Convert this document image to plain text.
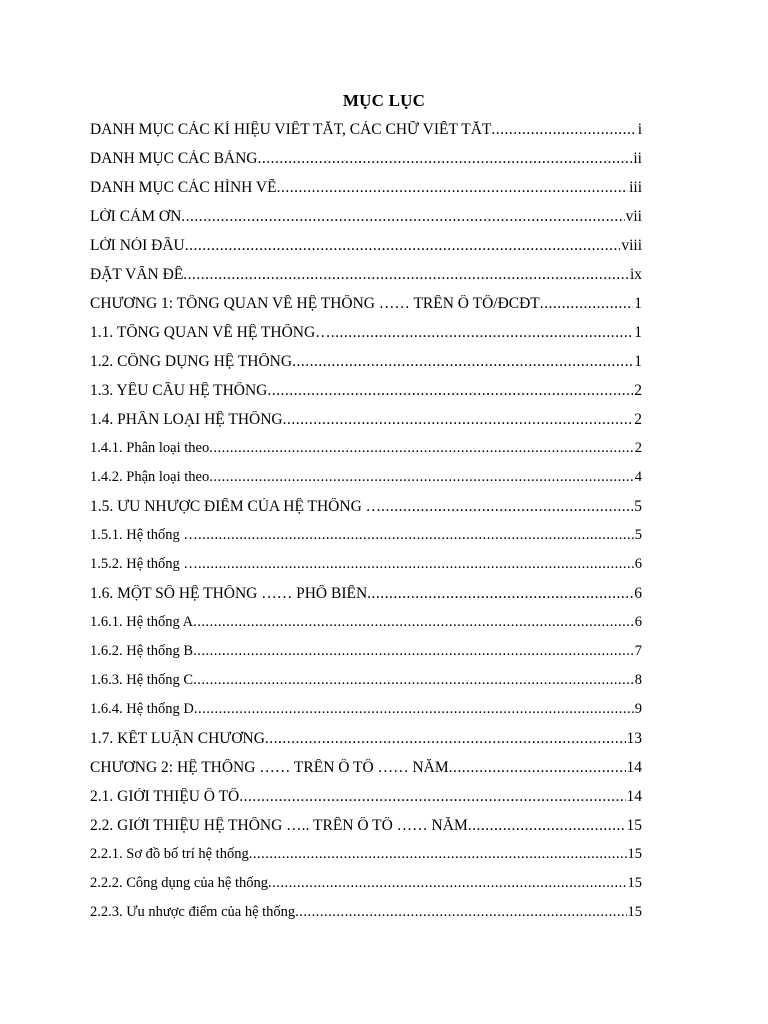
MỤC LỤC
DANH MỤC CÁC KÍ HIỆU VIẾT TẮT, CÁC CHỮ VIẾT TẮT .....	i
DANH MỤC CÁC BẢNG .....	ii
DANH MỤC CÁC HÌNH VẼ .....	iii
LỜI CẢM ƠN .....	vii
LỜI NÓI ĐẦU .....	viii
ĐẶT VẤN ĐỀ .....	ix
CHƯƠNG 1: TỔNG QUAN VỀ HỆ THỐNG …… TRÊN Ô TÔ/ĐCĐT .....	1
1.1. TỔNG QUAN VỀ HỆ THỐNG… .....	1
1.2. CÔNG DỤNG HỆ THỐNG .....	1
1.3. YÊU CẦU HỆ THỐNG .....	2
1.4. PHÂN LOẠI HỆ THỐNG .....	2
1.4.1. Phân loại theo .....	2
1.4.2. Phận loại theo .....	4
1.5. ƯU NHƯỢC ĐIỂM CỦA HỆ THỐNG … .....	5
1.5.1. Hệ thống … .....	5
1.5.2. Hệ thống … .....	6
1.6. MỘT SỐ HỆ THỐNG …… PHỔ BIẾN .....	6
1.6.1. Hệ thống A .....	6
1.6.2. Hệ thống B .....	7
1.6.3. Hệ thống C .....	8
1.6.4. Hệ thống D .....	9
1.7. KẾT LUẬN CHƯƠNG .....	13
CHƯƠNG 2: HỆ THỐNG …… TRÊN Ô TÔ …… NĂM .....	14
2.1. GIỚI THIỆU Ô TÔ .....	14
2.2. GIỚI THIỆU HỆ THỐNG ….. TRÊN Ô TÔ …… NĂM .....	15
2.2.1. Sơ đồ bố trí hệ thống .....	15
2.2.2. Công dụng của hệ thống .....	15
2.2.3. Ưu nhược điểm của hệ thống .....	15
